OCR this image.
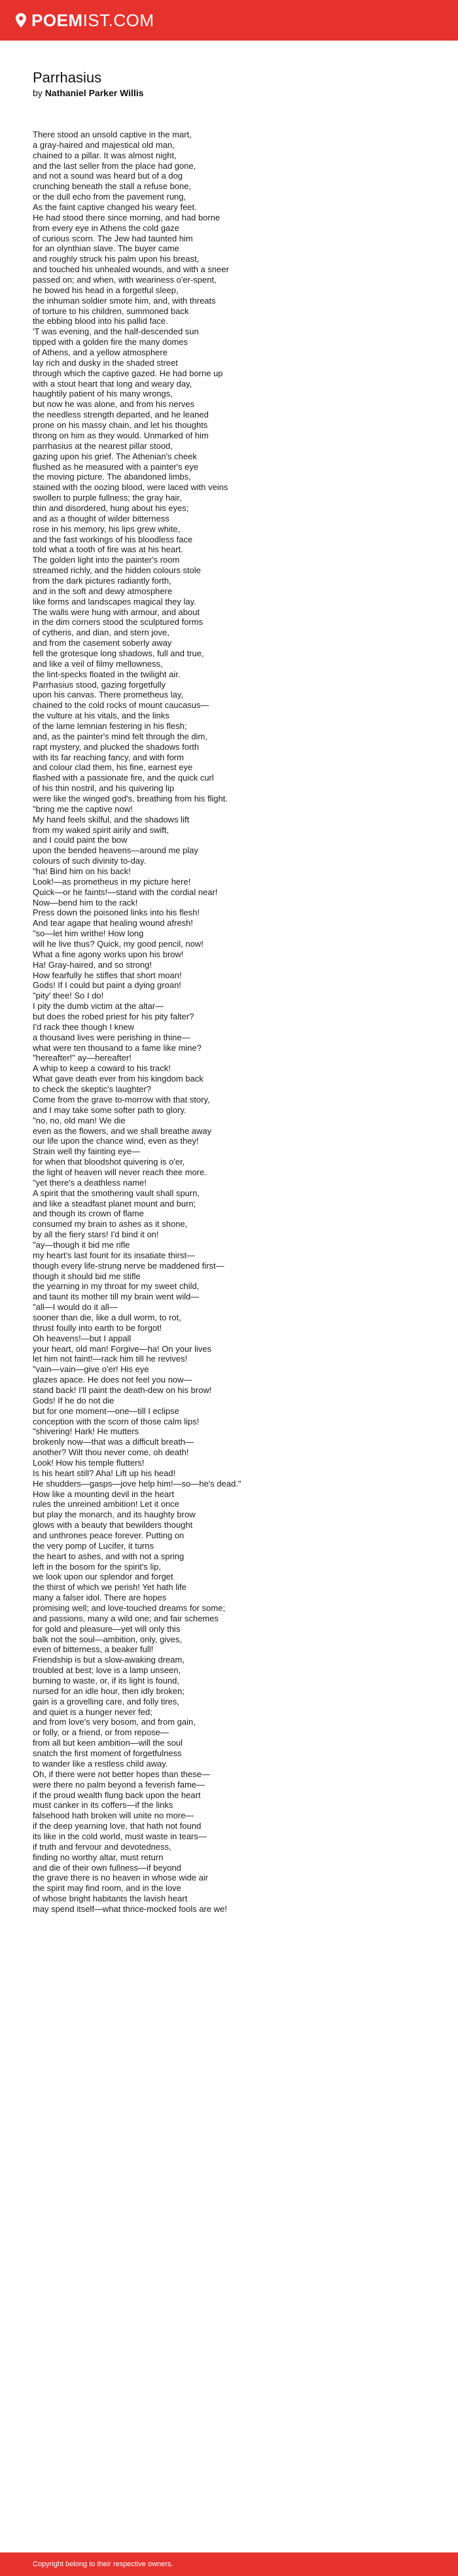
POEM IST.COM
Parrhasius
by Nathaniel Parker Willis
There stood an unsold captive in the mart,
a gray-haired and majestical old man,
chained to a pillar. It was almost night,
and the last seller from the place had gone,
and not a sound was heard but of a dog
crunching beneath the stall a refuse bone,
or the dull echo from the pavement rung,
As the faint captive changed his weary feet.
He had stood there since morning, and had borne
from every eye in Athens the cold gaze
of curious scorn. The Jew had taunted him
for an olynthian slave. The buyer came
and roughly struck his palm upon his breast,
and touched his unhealed wounds, and with a sneer
passed on; and when, with weariness o'er-spent,
he bowed his head in a forgetful sleep,
the inhuman soldier smote him, and, with threats
of torture to his children, summoned back
the ebbing blood into his pallid face.
'T was evening, and the half-descended sun
tipped with a golden fire the many domes
of Athens, and a yellow atmosphere
lay rich and dusky in the shaded street
through which the captive gazed. He had borne up
with a stout heart that long and weary day,
haughtily patient of his many wrongs,
but now he was alone, and from his nerves
the needless strength departed, and he leaned
prone on his massy chain, and let his thoughts
throng on him as they would. Unmarked of him
parrhasius at the nearest pillar stood,
gazing upon his grief. The Athenian's cheek
flushed as he measured with a painter's eye
the moving picture. The abandoned limbs,
stained with the oozing blood, were laced with veins
swollen to purple fullness; the gray hair,
thin and disordered, hung about his eyes;
and as a thought of wilder bitterness
rose in his memory, his lips grew white,
and the fast workings of his bloodless face
told what a tooth of fire was at his heart.
The golden light into the painter's room
streamed richly, and the hidden colours stole
from the dark pictures radiantly forth,
and in the soft and dewy atmosphere
like forms and landscapes magical they lay.
The walls were hung with armour, and about
in the dim corners stood the sculptured forms
of cytheris, and dian, and stern jove,
and from the casement soberly away
fell the grotesque long shadows, full and true,
and like a veil of filmy mellowness,
the lint-specks floated in the twilight air.
Parrhasius stood, gazing forgetfully
upon his canvas. There prometheus lay,
chained to the cold rocks of mount caucasus—
the vulture at his vitals, and the links
of the lame lemnian festering in his flesh;
and, as the painter's mind felt through the dim,
rapt mystery, and plucked the shadows forth
with its far reaching fancy, and with form
and colour clad them, his fine, earnest eye
flashed with a passionate fire, and the quick curl
of his thin nostril, and his quivering lip
were like the winged god's, breathing from his flight.
"bring me the captive now!
My hand feels skilful, and the shadows lift
from my waked spirit airily and swift,
and I could paint the bow
upon the bended heavens—around me play
colours of such divinity to-day.
"ha! Bind him on his back!
Look!—as prometheus in my picture here!
Quick—or he faints!—stand with the cordial near!
Now—bend him to the rack!
Press down the poisoned links into his flesh!
And tear agape that healing wound afresh!
"so—let him writhe! How long
will he live thus? Quick, my good pencil, now!
What a fine agony works upon his brow!
Ha! Gray-haired, and so strong!
How fearfully he stifles that short moan!
Gods! If I could but paint a dying groan!
"pity' thee! So I do!
I pity the dumb victim at the altar—
but does the robed priest for his pity falter?
I'd rack thee though I knew
a thousand lives were perishing in thine—
what were ten thousand to a fame like mine?
"hereafter!" ay—hereafter!
A whip to keep a coward to his track!
What gave death ever from his kingdom back
to check the skeptic's laughter?
Come from the grave to-morrow with that story,
and I may take some softer path to glory.
"no, no, old man! We die
even as the flowers, and we shall breathe away
our life upon the chance wind, even as they!
Strain well thy fainting eye—
for when that bloodshot quivering is o'er,
the light of heaven will never reach thee more.
"yet there's a deathless name!
A spirit that the smothering vault shall spurn,
and like a steadfast planet mount and burn;
and though its crown of flame
consumed my brain to ashes as it shone,
by all the fiery stars! I'd bind it on!
"ay—though it bid me rifle
my heart's last fount for its insatiate thirst—
though every life-strung nerve be maddened first—
though it should bid me stifle
the yearning in my throat for my sweet child,
and taunt its mother till my brain went wild—
"all—I would do it all—
sooner than die, like a dull worm, to rot,
thrust foully into earth to be forgot!
Oh heavens!—but I appall
your heart, old man! Forgive—ha! On your lives
let him not faint!—rack him till he revives!
"vain—vain—give o'er! His eye
glazes apace. He does not feel you now—
stand back! I'll paint the death-dew on his brow!
Gods! If he do not die
but for one moment—one—till I eclipse
conception with the scorn of those calm lips!
"shivering! Hark! He mutters
brokenly now—that was a difficult breath—
another? Wilt thou never come, oh death!
Look! How his temple flutters!
Is his heart still? Aha! Lift up his head!
He shudders—gasps—jove help him!—so—he's dead."
How like a mounting devil in the heart
rules the unreined ambition! Let it once
but play the monarch, and its haughty brow
glows with a beauty that bewilders thought
and unthrones peace forever. Putting on
the very pomp of Lucifer, it turns
the heart to ashes, and with not a spring
left in the bosom for the spirit's lip,
we look upon our splendor and forget
the thirst of which we perish! Yet hath life
many a falser idol. There are hopes
promising well; and love-touched dreams for some;
and passions, many a wild one; and fair schemes
for gold and pleasure—yet will only this
balk not the soul—ambition, only, gives,
even of bitterness, a beaker full!
Friendship is but a slow-awaking dream,
troubled at best; love is a lamp unseen,
burning to waste, or, if its light is found,
nursed for an idle hour, then idly broken;
gain is a grovelling care, and folly tires,
and quiet is a hunger never fed;
and from love's very bosom, and from gain,
or folly, or a friend, or from repose—
from all but keen ambition—will the soul
snatch the first moment of forgetfulness
to wander like a restless child away.
Oh, if there were not better hopes than these—
were there no palm beyond a feverish fame—
if the proud wealth flung back upon the heart
must canker in its coffers—if the links
falsehood hath broken will unite no more—
if the deep yearning love, that hath not found
its like in the cold world, must waste in tears—
if truth and fervour and devotedness,
finding no worthy altar, must return
and die of their own fullness—if beyond
the grave there is no heaven in whose wide air
the spirit may find room, and in the love
of whose bright habitants the lavish heart
may spend itself—what thrice-mocked fools are we!
Copyright belong to their respective owners.
